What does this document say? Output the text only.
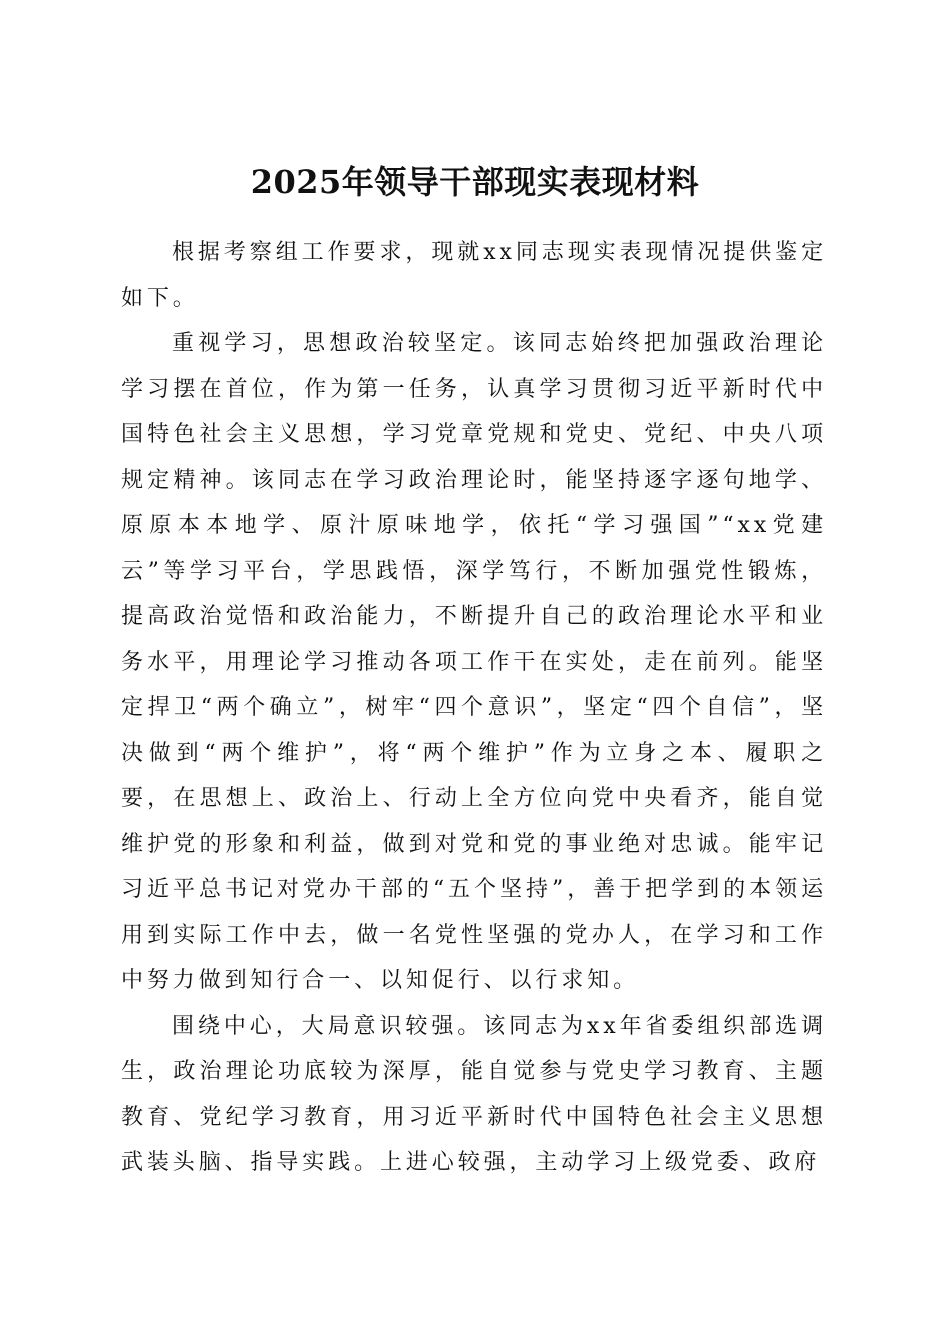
2025年领导干部现实表现材料

根据考察组工作要求，现就xx同志现实表现情况提供鉴定如下。

重视学习，思想政治较坚定。该同志始终把加强政治理论学习摆在首位，作为第一任务，认真学习贯彻习近平新时代中国特色社会主义思想，学习党章党规和党史、党纪、中央八项规定精神。该同志在学习政治理论时，能坚持逐字逐句地学、原原本本地学、原汁原味地学，依托“学习强国”“xx党建云”等学习平台，学思践悟，深学笃行，不断加强党性锻炼，提高政治觉悟和政治能力，不断提升自己的政治理论水平和业务水平，用理论学习推动各项工作干在实处，走在前列。能坚定捍卫“两个确立”，树牢“四个意识”，坚定“四个自信”，坚决做到“两个维护”，将“两个维护”作为立身之本、履职之要，在思想上、政治上、行动上全方位向党中央看齐，能自觉维护党的形象和利益，做到对党和党的事业绝对忠诚。能牢记习近平总书记对党办干部的“五个坚持”，善于把学到的本领运用到实际工作中去，做一名党性坚强的党办人，在学习和工作中努力做到知行合一、以知促行、以行求知。

围绕中心，大局意识较强。该同志为xx年省委组织部选调生，政治理论功底较为深厚，能自觉参与党史学习教育、主题教育、党纪学习教育，用习近平新时代中国特色社会主义思想武装头脑、指导实践。上进心较强，主动学习上级党委、政府
